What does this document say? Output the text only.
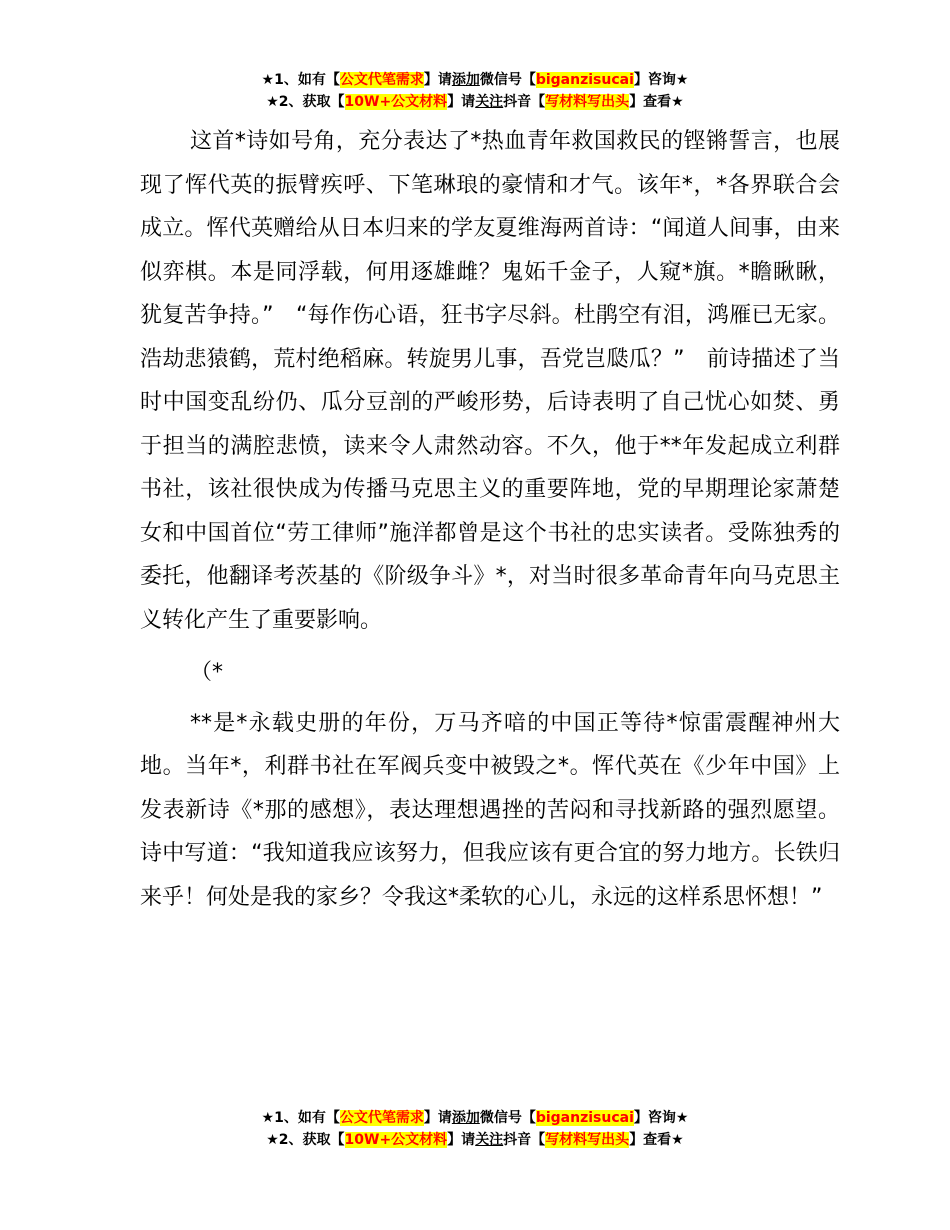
★1、如有【公文代笔需求】请添加微信号【biganzisucai】咨询★
★2、获取【10W+公文材料】请关注抖音【写材料写出头】查看★

这首*诗如号角，充分表达了*热血青年救国救民的铿锵誓言，也展现了恽代英的振臂疾呼、下笔琳琅的豪情和才气。该年*，*各界联合会成立。恽代英赠给从日本归来的学友夏维海两首诗：“闻道人间事，由来似弈棋。本是同浮载，何用逐雄雌？鬼妬千金子，人窥*旗。*瞻瞅瞅，犹复苦争持。”　“每作伤心语，狂书字尽斜。杜鹃空有泪，鸿雁已无家。浩劫悲猿鹤，荒村绝稻麻。转旋男儿事，吾党岂瓞瓜？”　前诗描述了当时中国变乱纷仍、瓜分豆剖的严峻形势，后诗表明了自己忧心如焚、勇于担当的满腔悲愤，读来令人肃然动容。不久，他于**年发起成立利群书社，该社很快成为传播马克思主义的重要阵地，党的早期理论家萧楚女和中国首位“劳工律师”施洋都曾是这个书社的忠实读者。受陈独秀的委托，他翻译考茨基的《阶级争斗》*，对当时很多革命青年向马克思主义转化产生了重要影响。

（*

**是*永载史册的年份，万马齐喑的中国正等待*惊雷震醒神州大地。当年*，利群书社在军阀兵变中被毁之*。恽代英在《少年中国》上发表新诗《*那的感想》，表达理想遇挫的苦闷和寻找新路的强烈愿望。诗中写道：“我知道我应该努力，但我应该有更合宜的努力地方。长铁归来乎！何处是我的家乡？令我这*柔软的心儿，永远的这样系思怀想！”

★1、如有【公文代笔需求】请添加微信号【biganzisucai】咨询★
★2、获取【10W+公文材料】请关注抖音【写材料写出头】查看★
